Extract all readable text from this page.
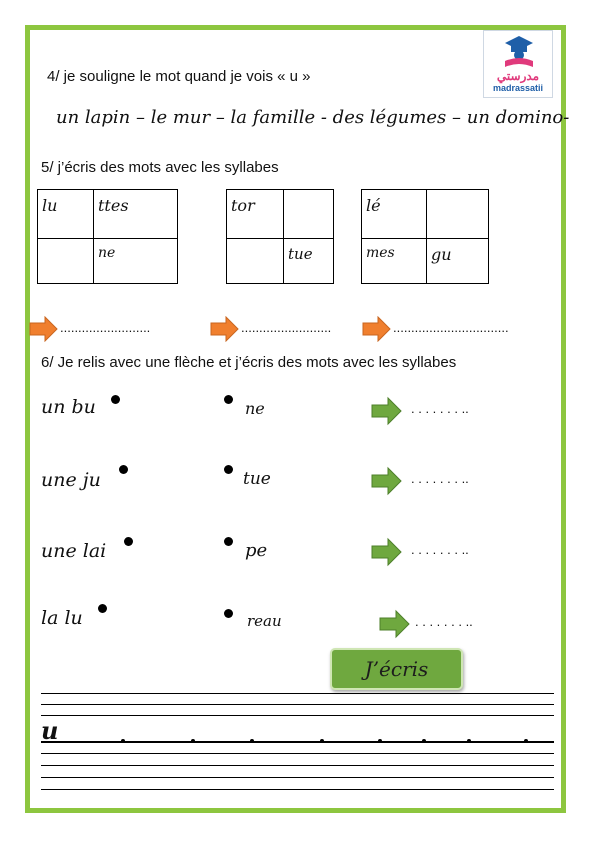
مدرستي
madrassatii
4/ je souligne le mot quand je vois « u »
un lapin – le mur – la famille - des légumes – un domino-
5/ j’écris des mots avec les syllabes
lu	ttes
	ne
tor	
	tue
lé	
mes	gu
.........................	.........................	................................
6/ Je relis avec une flèche et j’écris des mots avec les syllabes
un bu	ne	. . . . . . . ..
une ju	tue	. . . . . . . ..
une lai	pe	. . . . . . . ..
la lu	reau	. . . . . . . ..
J’écris
u
